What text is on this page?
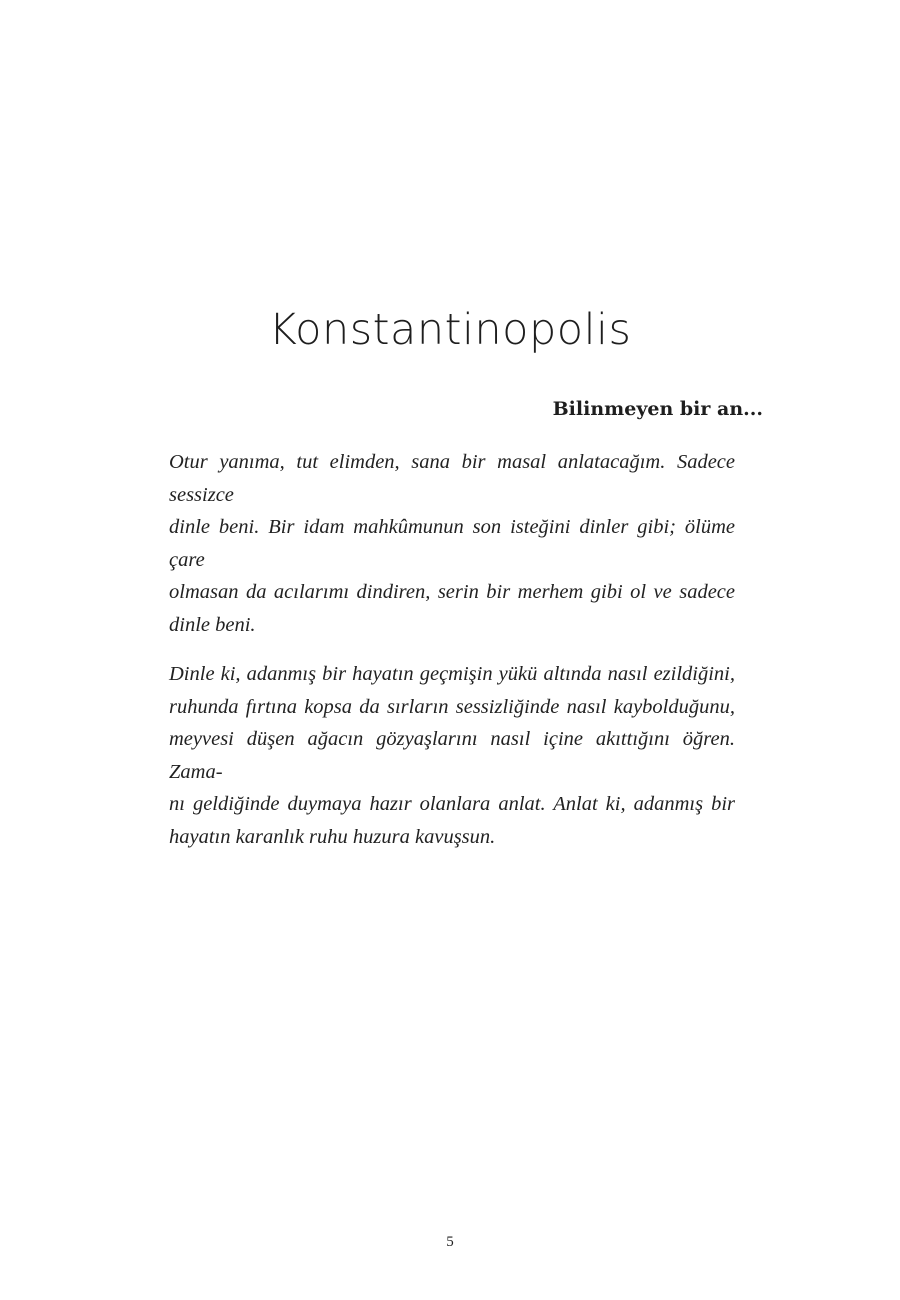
Konstantinopolis
Bilinmeyen bir an...

Otur yanıma, tut elimden, sana bir masal anlatacağım. Sadece sessizce
dinle beni. Bir idam mahkûmunun son isteğini dinler gibi; ölüme çare
olmasan da acılarımı dindiren, serin bir merhem gibi ol ve sadece
dinle beni.

Dinle ki, adanmış bir hayatın geçmişin yükü altında nasıl ezildiğini,
ruhunda fırtına kopsa da sırların sessizliğinde nasıl kaybolduğunu,
meyvesi düşen ağacın gözyaşlarını nasıl içine akıttığını öğren. Zama-
nı geldiğinde duymaya hazır olanlara anlat. Anlat ki, adanmış bir
hayatın karanlık ruhu huzura kavuşsun.

5
